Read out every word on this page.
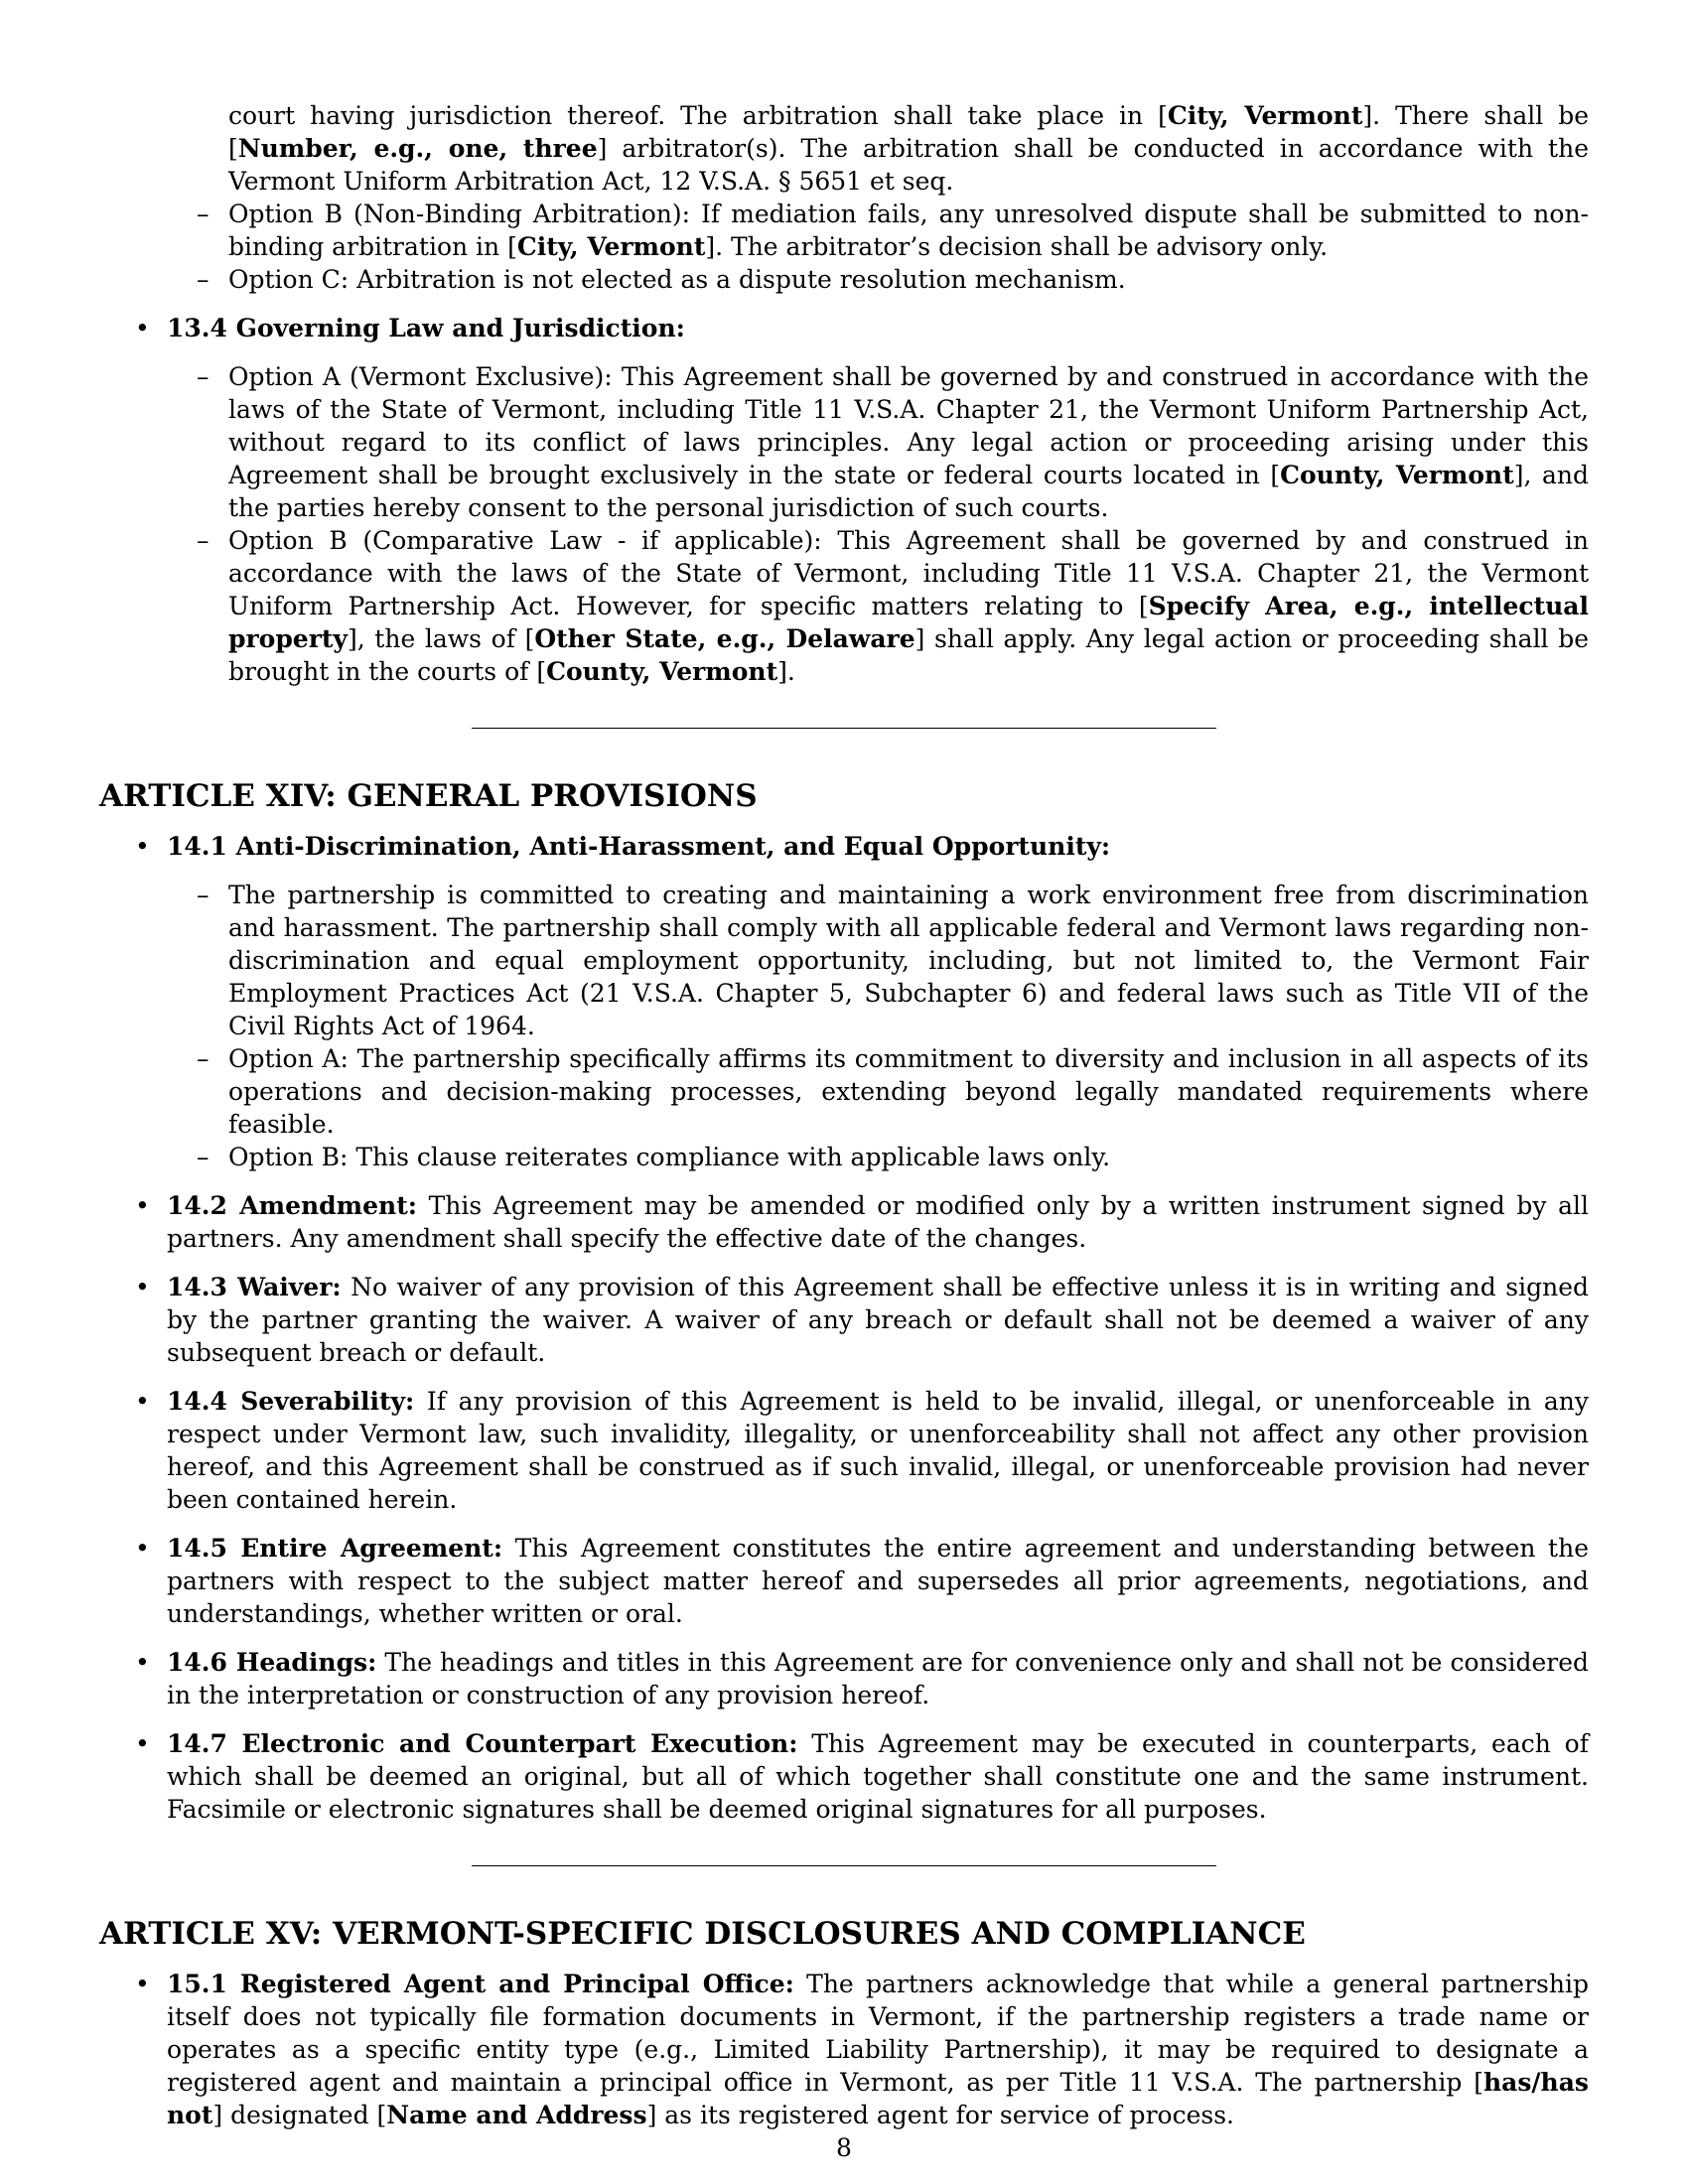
court having jurisdiction thereof. The arbitration shall take place in [City, Vermont]. There shall be [Number, e.g., one, three] arbitrator(s). The arbitration shall be conducted in accordance with the Vermont Uniform Arbitration Act, 12 V.S.A. § 5651 et seq.
– Option B (Non-Binding Arbitration): If mediation fails, any unresolved dispute shall be submitted to non-binding arbitration in [City, Vermont]. The arbitrator’s decision shall be advisory only.
– Option C: Arbitration is not elected as a dispute resolution mechanism.
• 13.4 Governing Law and Jurisdiction:
– Option A (Vermont Exclusive): This Agreement shall be governed by and construed in accordance with the laws of the State of Vermont, including Title 11 V.S.A. Chapter 21, the Vermont Uniform Partnership Act, without regard to its conflict of laws principles. Any legal action or proceeding arising under this Agreement shall be brought exclusively in the state or federal courts located in [County, Vermont], and the parties hereby consent to the personal jurisdiction of such courts.
– Option B (Comparative Law - if applicable): This Agreement shall be governed by and construed in accordance with the laws of the State of Vermont, including Title 11 V.S.A. Chapter 21, the Vermont Uniform Partnership Act. However, for specific matters relating to [Specify Area, e.g., intellectual property], the laws of [Other State, e.g., Delaware] shall apply. Any legal action or proceeding shall be brought in the courts of [County, Vermont].
ARTICLE XIV: GENERAL PROVISIONS
• 14.1 Anti-Discrimination, Anti-Harassment, and Equal Opportunity:
– The partnership is committed to creating and maintaining a work environment free from discrimination and harassment. The partnership shall comply with all applicable federal and Vermont laws regarding non-discrimination and equal employment opportunity, including, but not limited to, the Vermont Fair Employment Practices Act (21 V.S.A. Chapter 5, Subchapter 6) and federal laws such as Title VII of the Civil Rights Act of 1964.
– Option A: The partnership specifically affirms its commitment to diversity and inclusion in all aspects of its operations and decision-making processes, extending beyond legally mandated requirements where feasible.
– Option B: This clause reiterates compliance with applicable laws only.
• 14.2 Amendment: This Agreement may be amended or modified only by a written instrument signed by all partners. Any amendment shall specify the effective date of the changes.
• 14.3 Waiver: No waiver of any provision of this Agreement shall be effective unless it is in writing and signed by the partner granting the waiver. A waiver of any breach or default shall not be deemed a waiver of any subsequent breach or default.
• 14.4 Severability: If any provision of this Agreement is held to be invalid, illegal, or unenforceable in any respect under Vermont law, such invalidity, illegality, or unenforceability shall not affect any other provision hereof, and this Agreement shall be construed as if such invalid, illegal, or unenforceable provision had never been contained herein.
• 14.5 Entire Agreement: This Agreement constitutes the entire agreement and understanding between the partners with respect to the subject matter hereof and supersedes all prior agreements, negotiations, and understandings, whether written or oral.
• 14.6 Headings: The headings and titles in this Agreement are for convenience only and shall not be considered in the interpretation or construction of any provision hereof.
• 14.7 Electronic and Counterpart Execution: This Agreement may be executed in counterparts, each of which shall be deemed an original, but all of which together shall constitute one and the same instrument. Facsimile or electronic signatures shall be deemed original signatures for all purposes.
ARTICLE XV: VERMONT-SPECIFIC DISCLOSURES AND COMPLIANCE
• 15.1 Registered Agent and Principal Office: The partners acknowledge that while a general partnership itself does not typically file formation documents in Vermont, if the partnership registers a trade name or operates as a specific entity type (e.g., Limited Liability Partnership), it may be required to designate a registered agent and maintain a principal office in Vermont, as per Title 11 V.S.A. The partnership [has/has not] designated [Name and Address] as its registered agent for service of process.
8
